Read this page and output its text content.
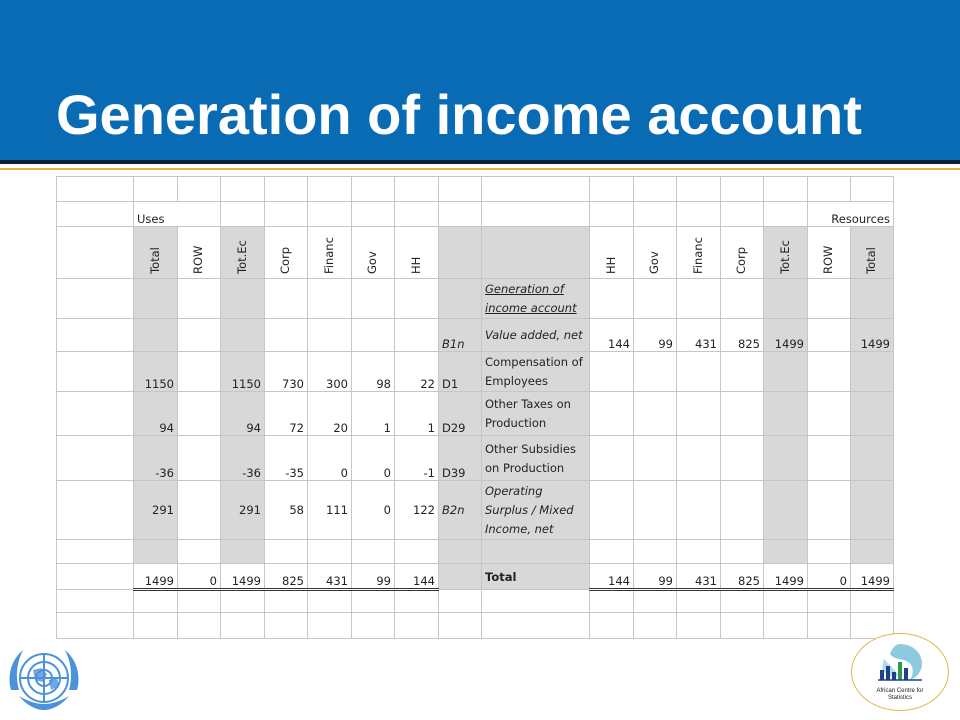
Generation of income account

	Uses														Resources	

	Total	ROW	Tot.Ec	Corp	Financ	Gov	HH			HH	Gov	Financ	Corp	Tot.Ec	ROW	Total

									Generation of income account							
								B1n	Value added, net	144	99	431	825	1499		1499
	1150		1150	730	300	98	22	D1	Compensation of Employees							
	94		94	72	20	1	1	D29	Other Taxes on Production							
	-36		-36	-35	0	0	-1	D39	Other Subsidies on Production							
	291		291	58	111	0	122	B2n	Operating Surplus / Mixed Income, net							

	1499	0	1499	825	431	99	144		Total	144	99	431	825	1499	0	1499

African Centre for
Statistics
